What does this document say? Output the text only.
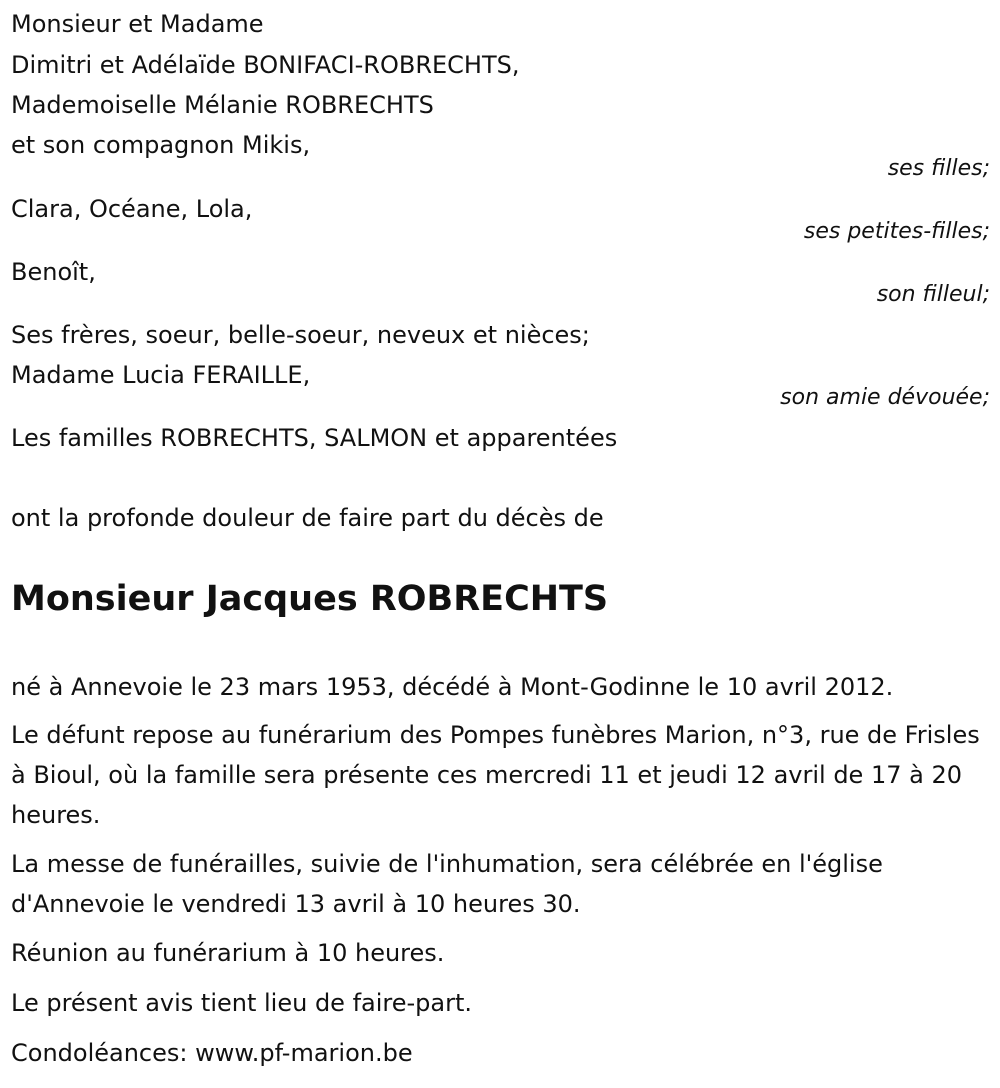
Monsieur et Madame
Dimitri et Adélaïde BONIFACI-ROBRECHTS,
Mademoiselle Mélanie ROBRECHTS
et son compagnon Mikis,
ses filles;
Clara, Océane, Lola,
ses petites-filles;
Benoît,
son filleul;
Ses frères, soeur, belle-soeur, neveux et nièces;
Madame Lucia FERAILLE,
son amie dévouée;
Les familles ROBRECHTS, SALMON et apparentées
ont la profonde douleur de faire part du décès de
Monsieur Jacques ROBRECHTS
né à Annevoie le 23 mars 1953, décédé à Mont-Godinne le 10 avril 2012.
Le défunt repose au funérarium des Pompes funèbres Marion, n°3, rue de Frisles à Bioul, où la famille sera présente ces mercredi 11 et jeudi 12 avril de 17 à 20 heures.
La messe de funérailles, suivie de l'inhumation, sera célébrée en l'église d'Annevoie le vendredi 13 avril à 10 heures 30.
Réunion au funérarium à 10 heures.
Le présent avis tient lieu de faire-part.
Condoléances: www.pf-marion.be
